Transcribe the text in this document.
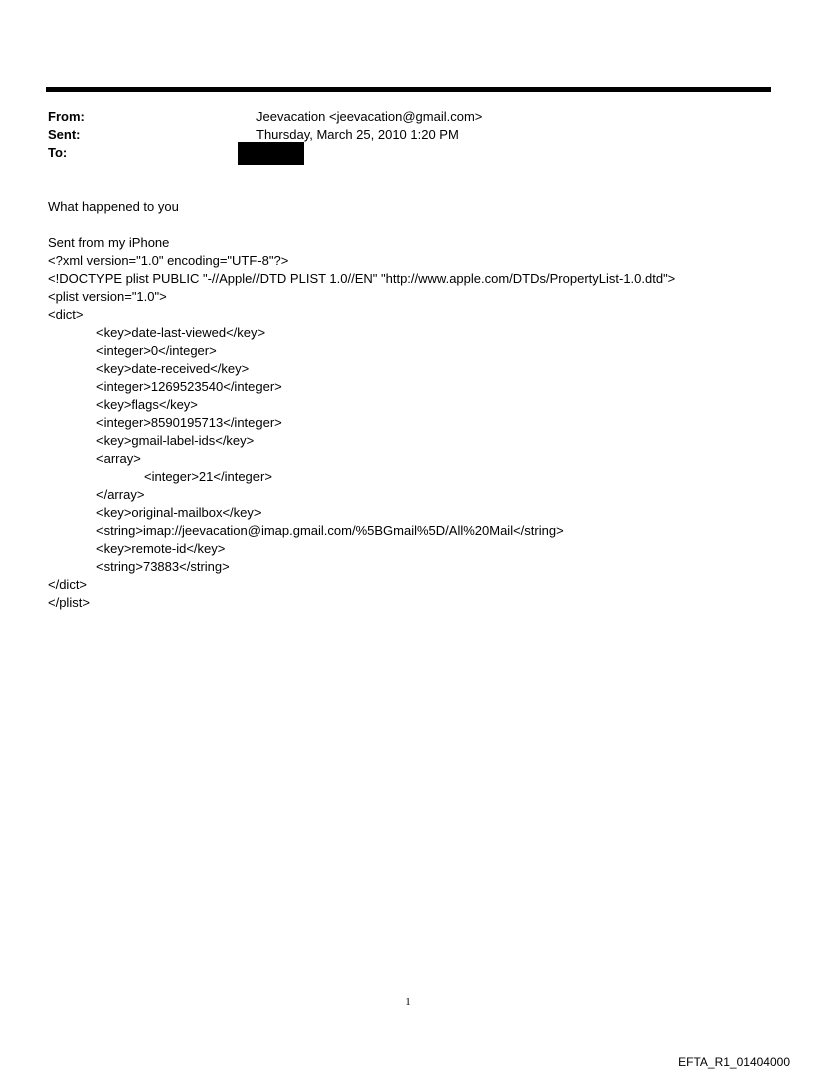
From:	Jeevacation <jeevacation@gmail.com>
Sent:	Thursday, March 25, 2010 1:20 PM
To:
What happened to you
Sent from my iPhone
<?xml version="1.0" encoding="UTF-8"?>
<!DOCTYPE plist PUBLIC "-//Apple//DTD PLIST 1.0//EN" "http://www.apple.com/DTDs/PropertyList-1.0.dtd">
<plist version="1.0">
<dict>
<key>date-last-viewed</key>
<integer>0</integer>
<key>date-received</key>
<integer>1269523540</integer>
<key>flags</key>
<integer>8590195713</integer>
<key>gmail-label-ids</key>
<array>
<integer>21</integer>
</array>
<key>original-mailbox</key>
<string>imap://jeevacation@imap.gmail.com/%5BGmail%5D/All%20Mail</string>
<key>remote-id</key>
<string>73883</string>
</dict>
</plist>
1
EFTA_R1_01404000
